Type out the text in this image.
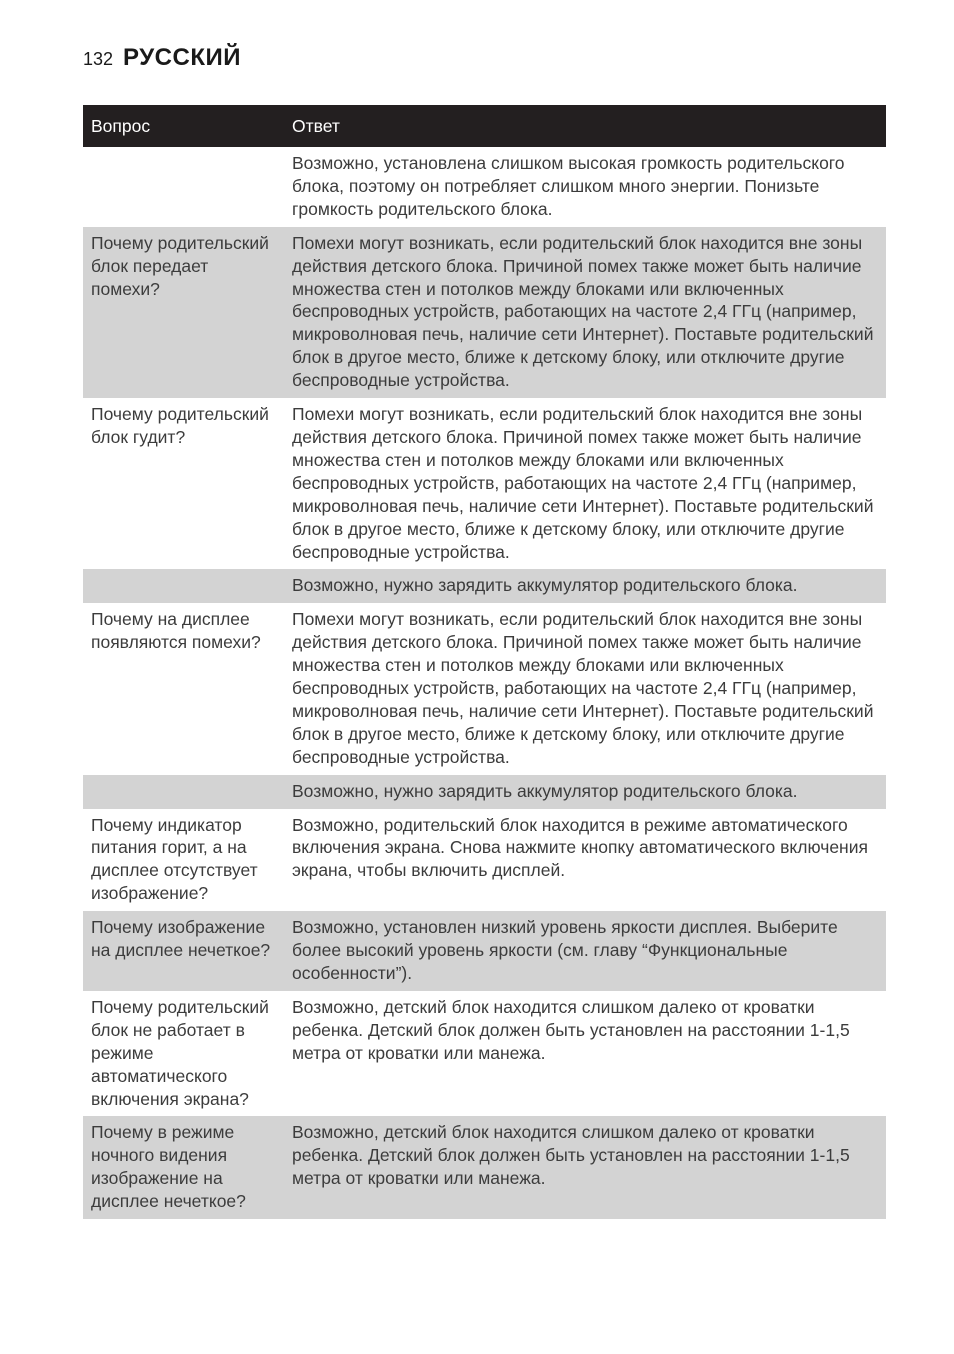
132 РУССКИЙ
Вопрос	Ответ
	Возможно, установлена слишком высокая громкость родительского блока, поэтому он потребляет слишком много энергии. Понизьте громкость родительского блока.
Почему родительский блок передает помехи?	Помехи могут возникать, если родительский блок находится вне зоны действия детского блока. Причиной помех также может быть наличие множества стен и потолков между блоками или включенных беспроводных устройств, работающих на частоте 2,4 ГГц (например, микроволновая печь, наличие сети Интернет). Поставьте родительский блок в другое место, ближе к детскому блоку, или отключите другие беспроводные устройства.
Почему родительский блок гудит?	Помехи могут возникать, если родительский блок находится вне зоны действия детского блока. Причиной помех также может быть наличие множества стен и потолков между блоками или включенных беспроводных устройств, работающих на частоте 2,4 ГГц (например, микроволновая печь, наличие сети Интернет). Поставьте родительский блок в другое место, ближе к детскому блоку, или отключите другие беспроводные устройства.
	Возможно, нужно зарядить аккумулятор родительского блока.
Почему на дисплее появляются помехи?	Помехи могут возникать, если родительский блок находится вне зоны действия детского блока. Причиной помех также может быть наличие множества стен и потолков между блоками или включенных беспроводных устройств, работающих на частоте 2,4 ГГц (например, микроволновая печь, наличие сети Интернет). Поставьте родительский блок в другое место, ближе к детскому блоку, или отключите другие беспроводные устройства.
	Возможно, нужно зарядить аккумулятор родительского блока.
Почему индикатор питания горит, а на дисплее отсутствует изображение?	Возможно, родительский блок находится в режиме автоматического включения экрана. Снова нажмите кнопку автоматического включения экрана, чтобы включить дисплей.
Почему изображение на дисплее нечеткое?	Возможно, установлен низкий уровень яркости дисплея. Выберите более высокий уровень яркости (см. главу “Функциональные особенности”).
Почему родительский блок не работает в режиме автоматического включения экрана?	Возможно, детский блок находится слишком далеко от кроватки ребенка. Детский блок должен быть установлен на расстоянии 1-1,5 метра от кроватки или манежа.
Почему в режиме ночного видения изображение на дисплее нечеткое?	Возможно, детский блок находится слишком далеко от кроватки ребенка. Детский блок должен быть установлен на расстоянии 1-1,5 метра от кроватки или манежа.
